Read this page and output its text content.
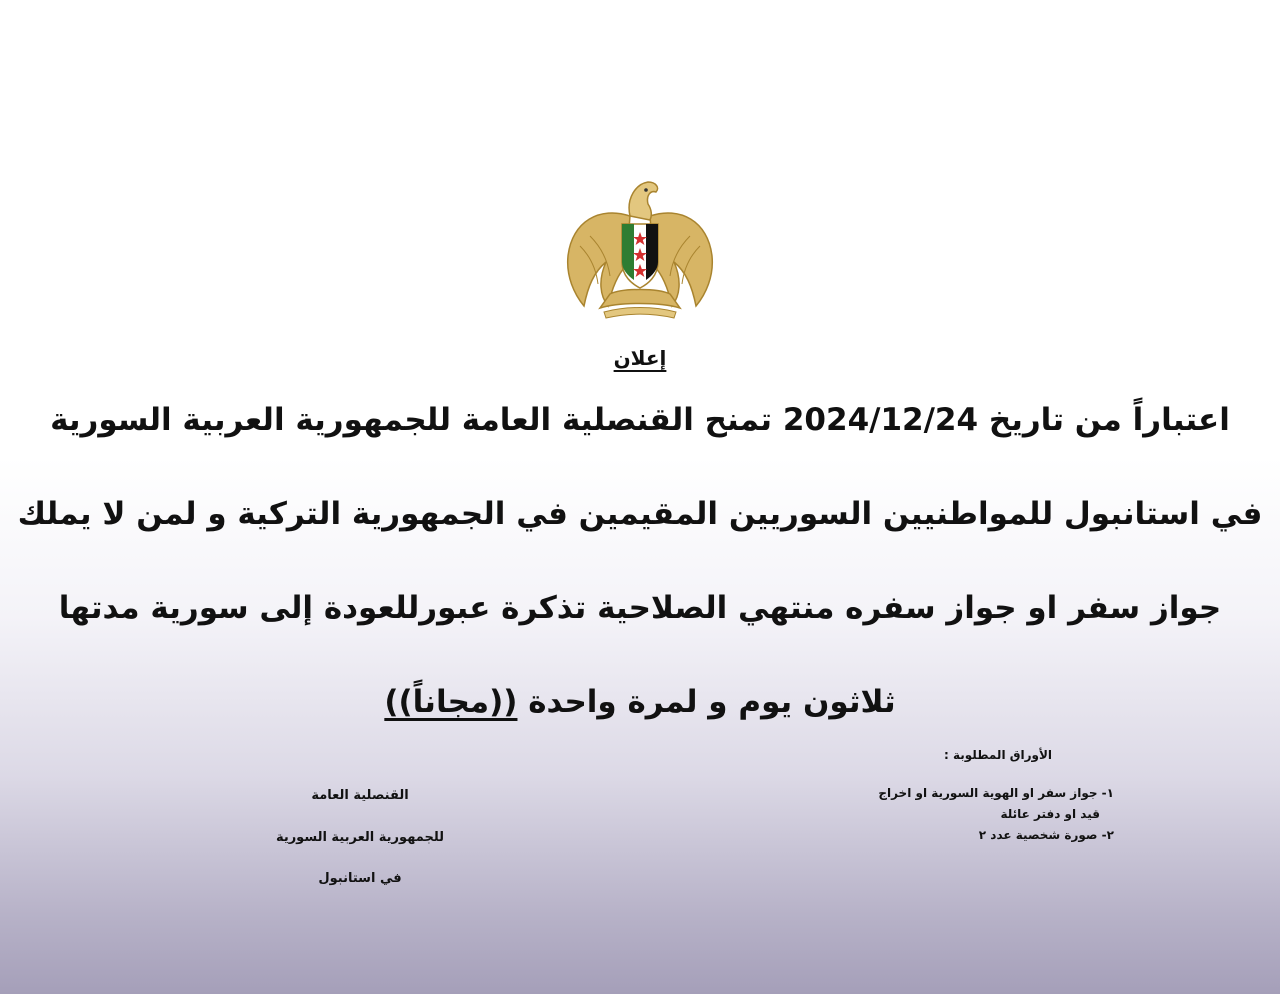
إعلان
اعتباراً من تاريخ 2024/12/24 تمنح القنصلية العامة للجمهورية العربية السورية
في استانبول للمواطنيين السوريين المقيمين في الجمهورية التركية و لمن لا يملك
جواز سفر او جواز سفره منتهي الصلاحية تذكرة عبورللعودة إلى سورية مدتها
ثلاثون يوم و لمرة واحدة ((مجاناً))
الأوراق المطلوبة :
١- جواز سفر او الهوية السورية او اخراج
قيد او دفتر عائلة
٢- صورة شخصية عدد ٢
القنصلية العامة
للجمهورية العربية السورية
في استانبول
